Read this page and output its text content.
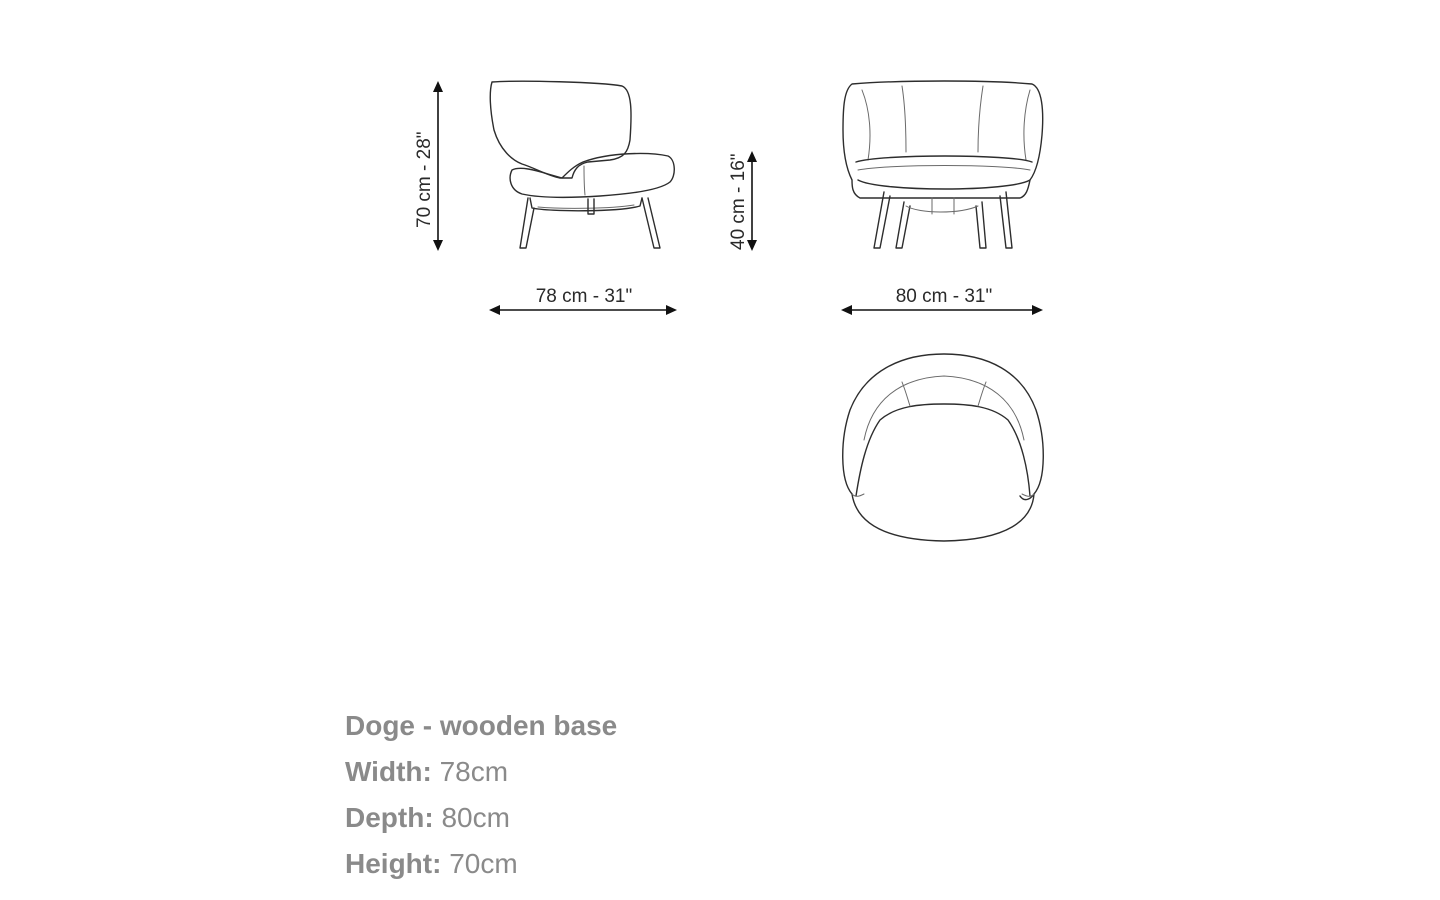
70 cm - 28"
78 cm - 31"
40 cm - 16"
80 cm - 31"
Doge - wooden base
Width: 78cm
Depth: 80cm
Height: 70cm
